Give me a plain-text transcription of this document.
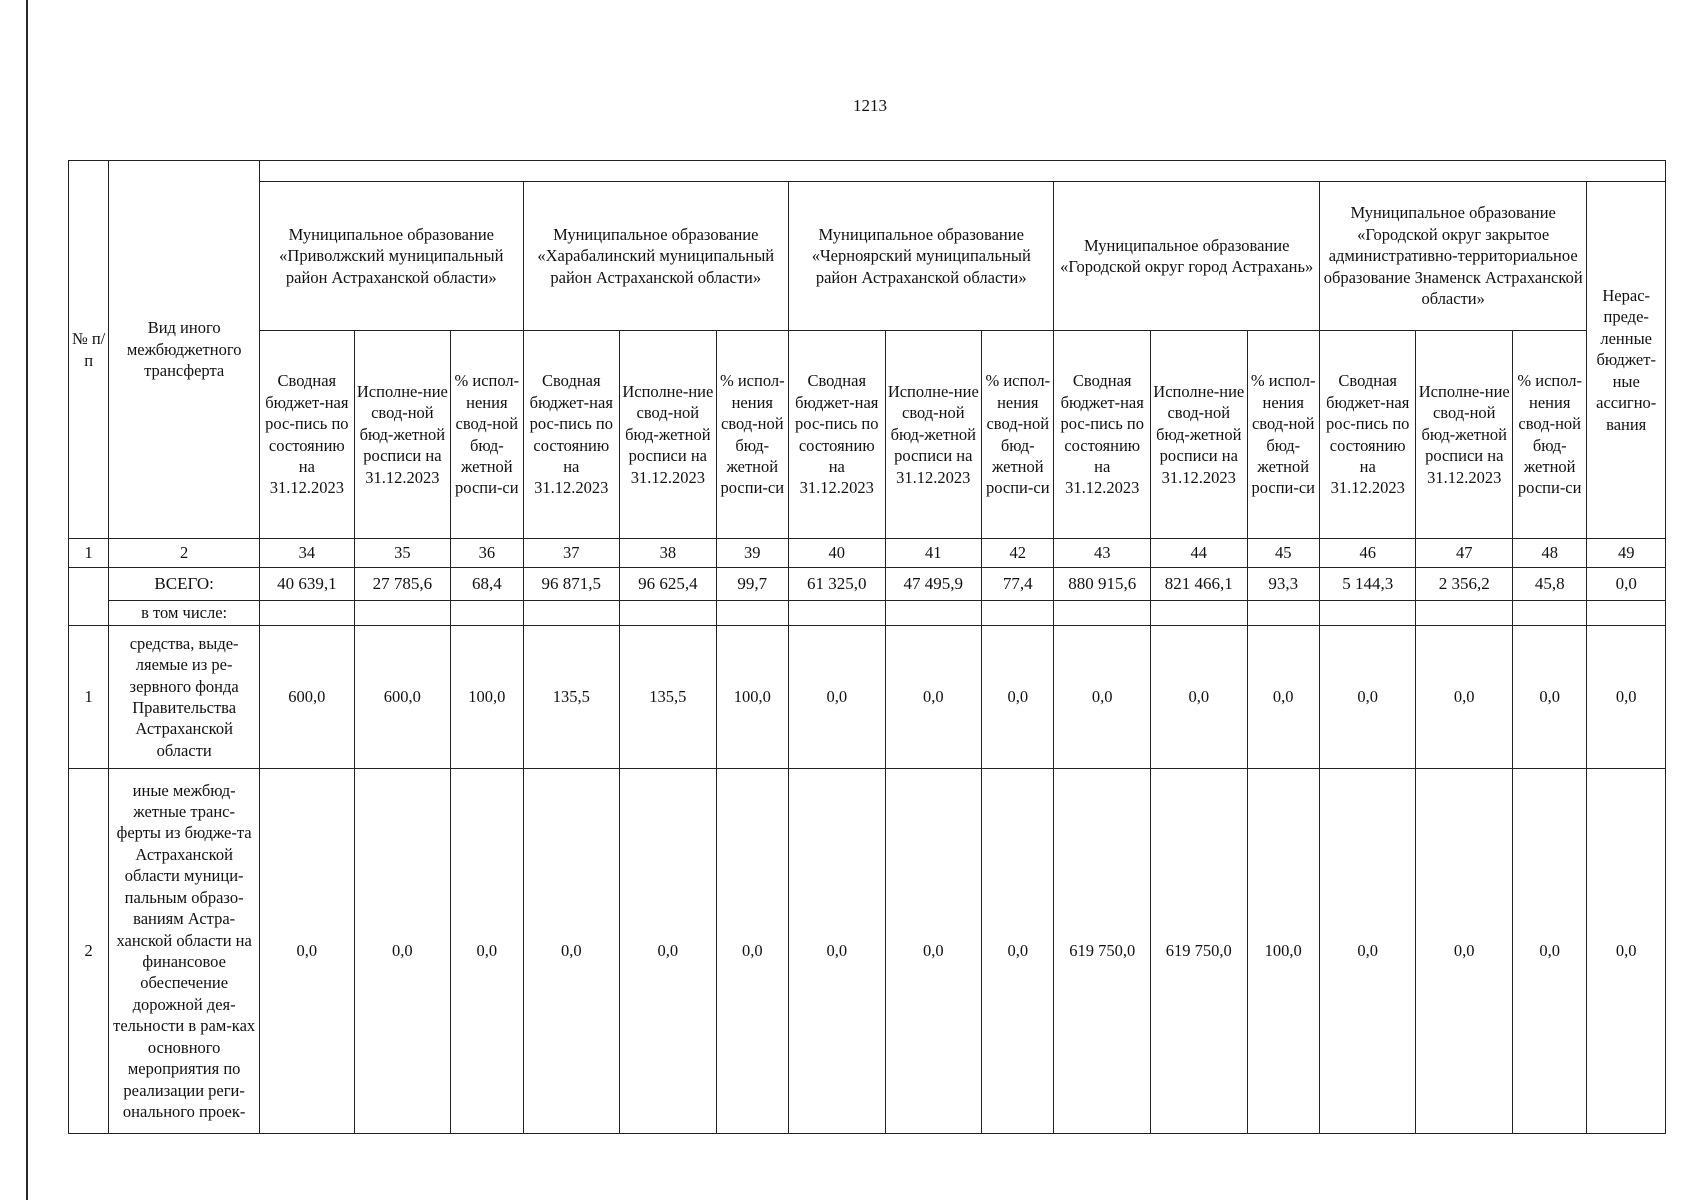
1213
№ п/п	Вид иного межбюджетного трансферта																
		Муниципальное образование «Приволжский муниципальный район Астраханской области»			Муниципальное образование «Харабалинский муниципальный район Астраханской области»			Муниципальное образование «Черноярский муниципальный район Астраханской области»			Муниципальное образование «Городской округ город Астрахань»			Муниципальное образование «Городской округ закрытое административно-территориальное образование Знаменск Астраханской области»			Нерас-преде-ленные бюджет-ные ассигно-вания
		Сводная бюджет-ная рос-пись по состоянию на 31.12.2023	Исполне-ние свод-ной бюд-жетной росписи на 31.12.2023	% испол-нения свод-ной бюд-жетной роспи-си	Сводная бюджет-ная рос-пись по состоянию на 31.12.2023	Исполне-ние свод-ной бюд-жетной росписи на 31.12.2023	% испол-нения свод-ной бюд-жетной роспи-си	Сводная бюджет-ная рос-пись по состоянию на 31.12.2023	Исполне-ние свод-ной бюд-жетной росписи на 31.12.2023	% испол-нения свод-ной бюд-жетной роспи-си	Сводная бюджет-ная рос-пись по состоянию на 31.12.2023	Исполне-ние свод-ной бюд-жетной росписи на 31.12.2023	% испол-нения свод-ной бюд-жетной роспи-си	Сводная бюджет-ная рос-пись по состоянию на 31.12.2023	Исполне-ние свод-ной бюд-жетной росписи на 31.12.2023	% испол-нения свод-ной бюд-жетной роспи-си	
1	2	34	35	36	37	38	39	40	41	42	43	44	45	46	47	48	49
	ВСЕГО:	40 639,1	27 785,6	68,4	96 871,5	96 625,4	99,7	61 325,0	47 495,9	77,4	880 915,6	821 466,1	93,3	5 144,3	2 356,2	45,8	0,0
	в том числе:																
1	средства, выде-ляемые из ре-зервного фонда Правительства Астраханской области	600,0	600,0	100,0	135,5	135,5	100,0	0,0	0,0	0,0	0,0	0,0	0,0	0,0	0,0	0,0	0,0
2	иные межбюд-жетные транс-ферты из бюдже-та Астраханской области муници-пальным образо-ваниям Астра-ханской области на финансовое обеспечение дорожной дея-тельности в рам-ках основного мероприятия по реализации реги-онального проек-	0,0	0,0	0,0	0,0	0,0	0,0	0,0	0,0	0,0	619 750,0	619 750,0	100,0	0,0	0,0	0,0	0,0
